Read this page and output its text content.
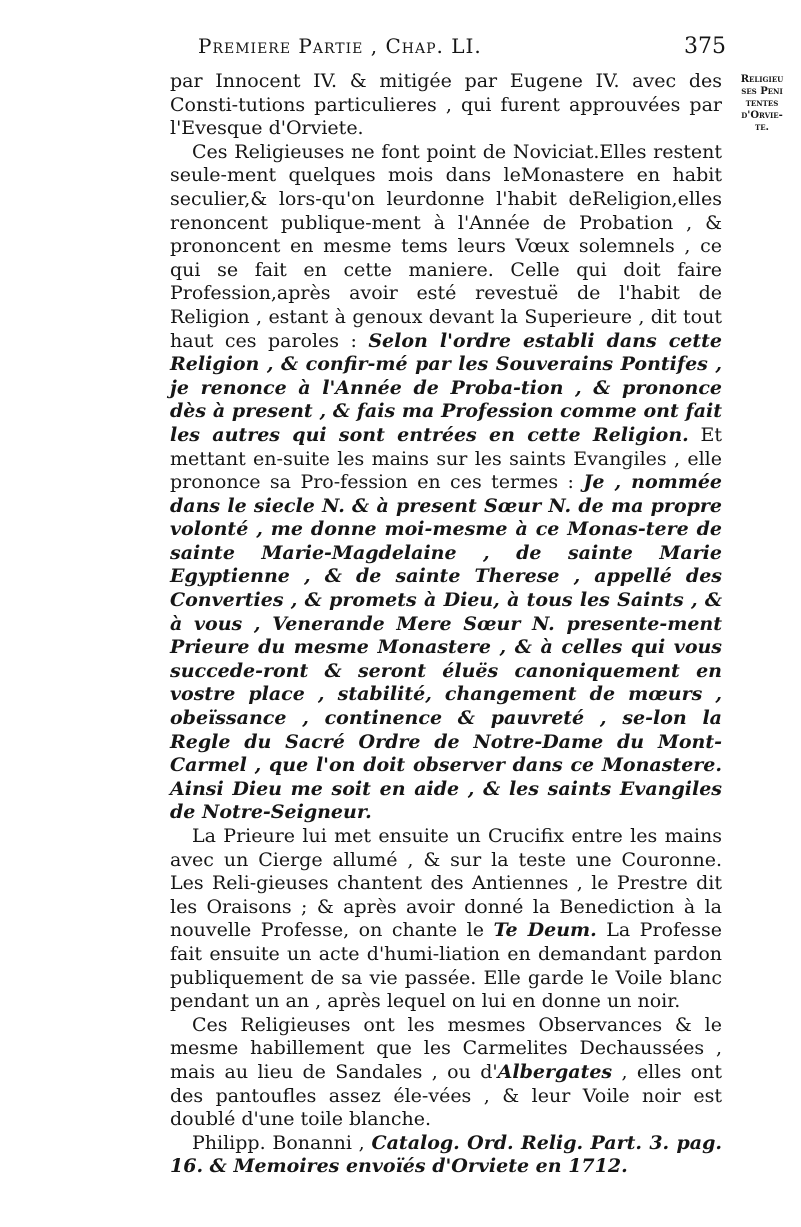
Premiere Partie , Chap. LI.	375
Religieu
ses Peni
tentes
d'Orvie-
te.

par Innocent IV. & mitigée par Eugene IV. avec des Consti-tutions particulieres , qui furent approuvées par l'Evesque d'Orviete.

Ces Religieuses ne font point de Noviciat.Elles restent seule-ment quelques mois dans leMonastere en habit seculier,& lors-qu'on leurdonne l'habit deReligion,elles renoncent publique-ment à l'Année de Probation , & prononcent en mesme tems leurs Vœux solemnels , ce qui se fait en cette maniere. Celle qui doit faire Profession,après avoir esté revestuë de l'habit de Religion , estant à genoux devant la Superieure , dit tout haut ces paroles : Selon l'ordre establi dans cette Religion , & confir-mé par les Souverains Pontifes , je renonce à l'Année de Proba-tion , & prononce dès à present , & fais ma Profession comme ont fait les autres qui sont entrées en cette Religion. Et mettant en-suite les mains sur les saints Evangiles , elle prononce sa Pro-fession en ces termes : Je , nommée dans le siecle N. & à present Sœur N. de ma propre volonté , me donne moi-mesme à ce Monas-tere de sainte Marie-Magdelaine , de sainte Marie Egyptienne , & de sainte Therese , appellé des Converties , & promets à Dieu, à tous les Saints , & à vous , Venerande Mere Sœur N. presente-ment Prieure du mesme Monastere , & à celles qui vous succede-ront & seront éluës canoniquement en vostre place , stabilité, changement de mœurs , obeïssance , continence & pauvreté , se-lon la Regle du Sacré Ordre de Notre-Dame du Mont-Carmel , que l'on doit observer dans ce Monastere. Ainsi Dieu me soit en aide , & les saints Evangiles de Notre-Seigneur.

La Prieure lui met ensuite un Crucifix entre les mains avec un Cierge allumé , & sur la teste une Couronne. Les Reli-gieuses chantent des Antiennes , le Prestre dit les Oraisons ; & après avoir donné la Benediction à la nouvelle Professe, on chante le Te Deum. La Professe fait ensuite un acte d'humi-liation en demandant pardon publiquement de sa vie passée. Elle garde le Voile blanc pendant un an , après lequel on lui en donne un noir.

Ces Religieuses ont les mesmes Observances & le mesme habillement que les Carmelites Dechaussées , mais au lieu de Sandales , ou d'Albergates , elles ont des pantoufles assez éle-vées , & leur Voile noir est doublé d'une toile blanche.

Philipp. Bonanni , Catalog. Ord. Relig. Part. 3. pag. 16. & Memoires envoïés d'Orviete en 1712.
